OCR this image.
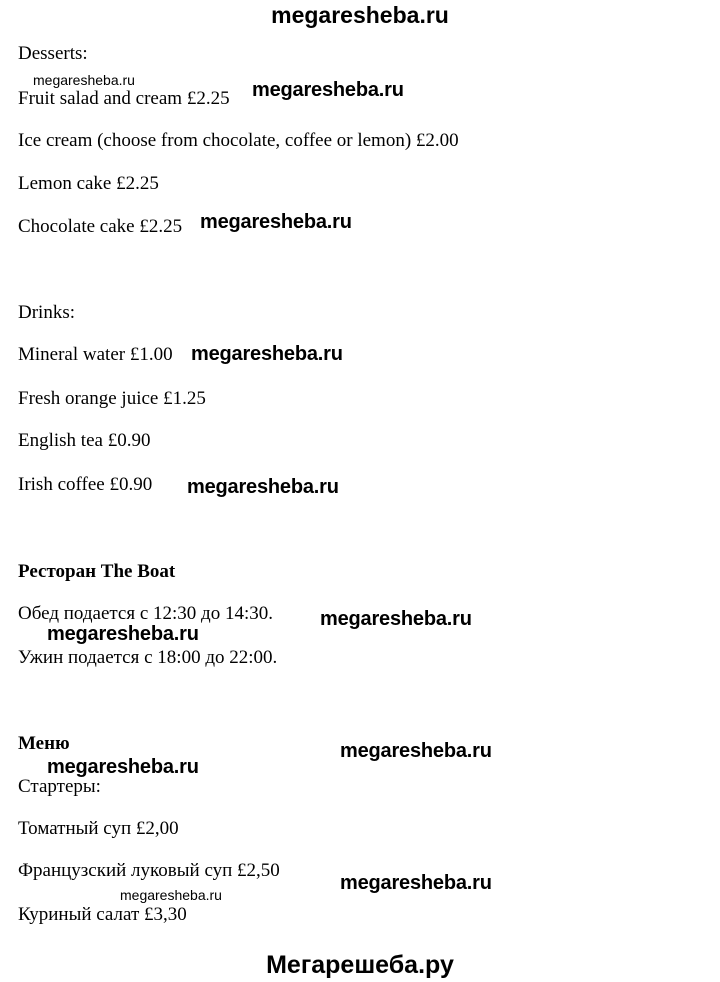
megaresheba.ru
Desserts:
megaresheba.ru
Fruit salad and cream £2.25 megaresheba.ru
Ice cream (choose from chocolate, coffee or lemon) £2.00
Lemon cake £2.25
Chocolate cake £2.25 megaresheba.ru
Drinks:
Mineral water £1.00 megaresheba.ru
Fresh orange juice £1.25
English tea £0.90
Irish coffee £0.90 megaresheba.ru
Ресторан The Boat
Обед подается с 12:30 до 14:30. megaresheba.ru
megaresheba.ru
Ужин подается с 18:00 до 22:00.
Меню	megaresheba.ru
megaresheba.ru
Стартеры:
Томатный суп £2,00
Французский луковый суп £2,50
megaresheba.ru
megaresheba.ru
Куриный салат £3,30
Мегарешеба.ру
